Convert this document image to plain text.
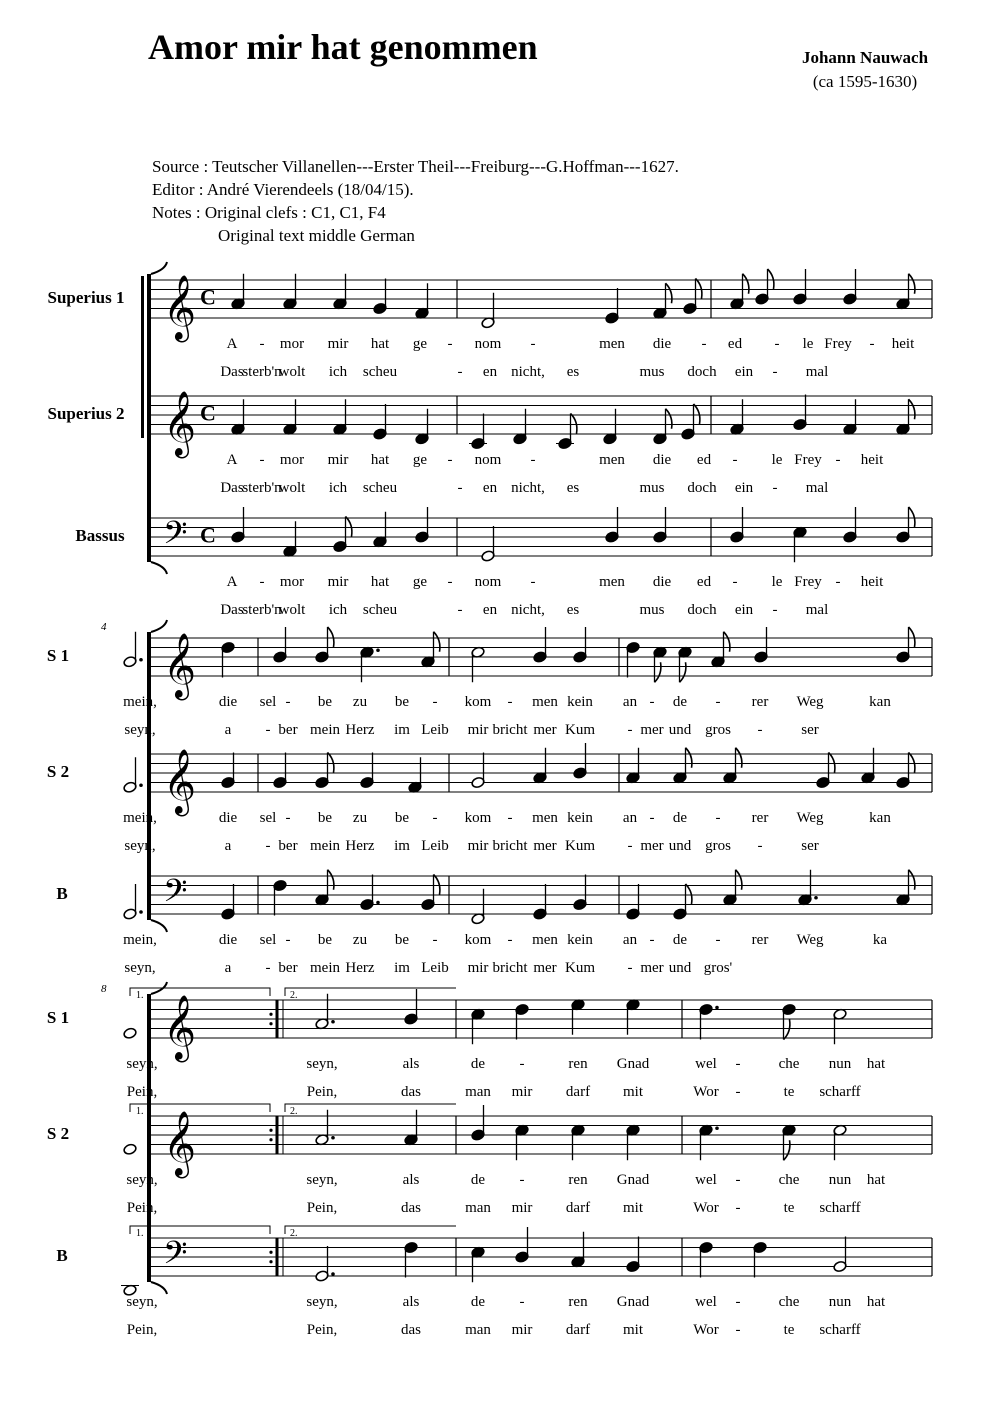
Amor mir hat genommen	Johann Nauwach
(ca 1595-1630)
Source : Teutscher Villanellen---Erster Theil---Freiburg---G.Hoffman---1627.
Editor : André Vierendeels (18/04/15).
Notes : Original clefs : C1, C1, F4
Original text middle German
Superius 1 𝄞 C
A - mor mir hat ge - nom -	men die - ed - le Frey - heit
Das
sterb'n
wolt ich scheu	- en nicht, es	mus doch ein - mal
Superius 2 𝄞 C
A - mor mir hat ge - nom -	men die ed - le Frey - heit
Das
sterb'n
wolt ich scheu	- en nicht, es	mus doch ein - mal
Bassus 𝄢 C
A - mor mir hat ge - nom -	men die ed - le Frey - heit
Das
sterb'n
wolt ich scheu	- en nicht, es	mus doch ein - mal
4
S 1 𝄞
mein,	die sel - be zu be - kom - men kein an - de - rer Weg	kan
seyn,	a - ber mein Herz im Leib mir bricht mer Kum - mer und gros -	ser
S 2 𝄞
mein,	die sel - be zu be - kom - men kein an - de - rer Weg	kan
seyn,	a - ber mein Herz im Leib mir bricht mer Kum - mer und gros -	ser
B	𝄢
mein,	die sel - be zu be - kom - men kein an - de - rer Weg	ka
seyn,	a - ber mein Herz im Leib mir bricht mer Kum - mer und gros'
8
S 1 𝄞
1.	2.
seyn,	seyn,	als	de -	ren Gnad	wel -	che nun hat
Pein,	Pein,	das	man mir darf mit	Wor -	te scharff
S 2 𝄞
1.	2.
seyn,	seyn,	als	de -	ren Gnad	wel -	che nun hat
Pein,	Pein,	das	man mir darf mit	Wor -	te scharff
B	𝄢
1.	2.
seyn,	seyn,	als	de -	ren Gnad	wel -	che nun hat
Pein,	Pein,	das	man mir darf mit	Wor -	te scharff
